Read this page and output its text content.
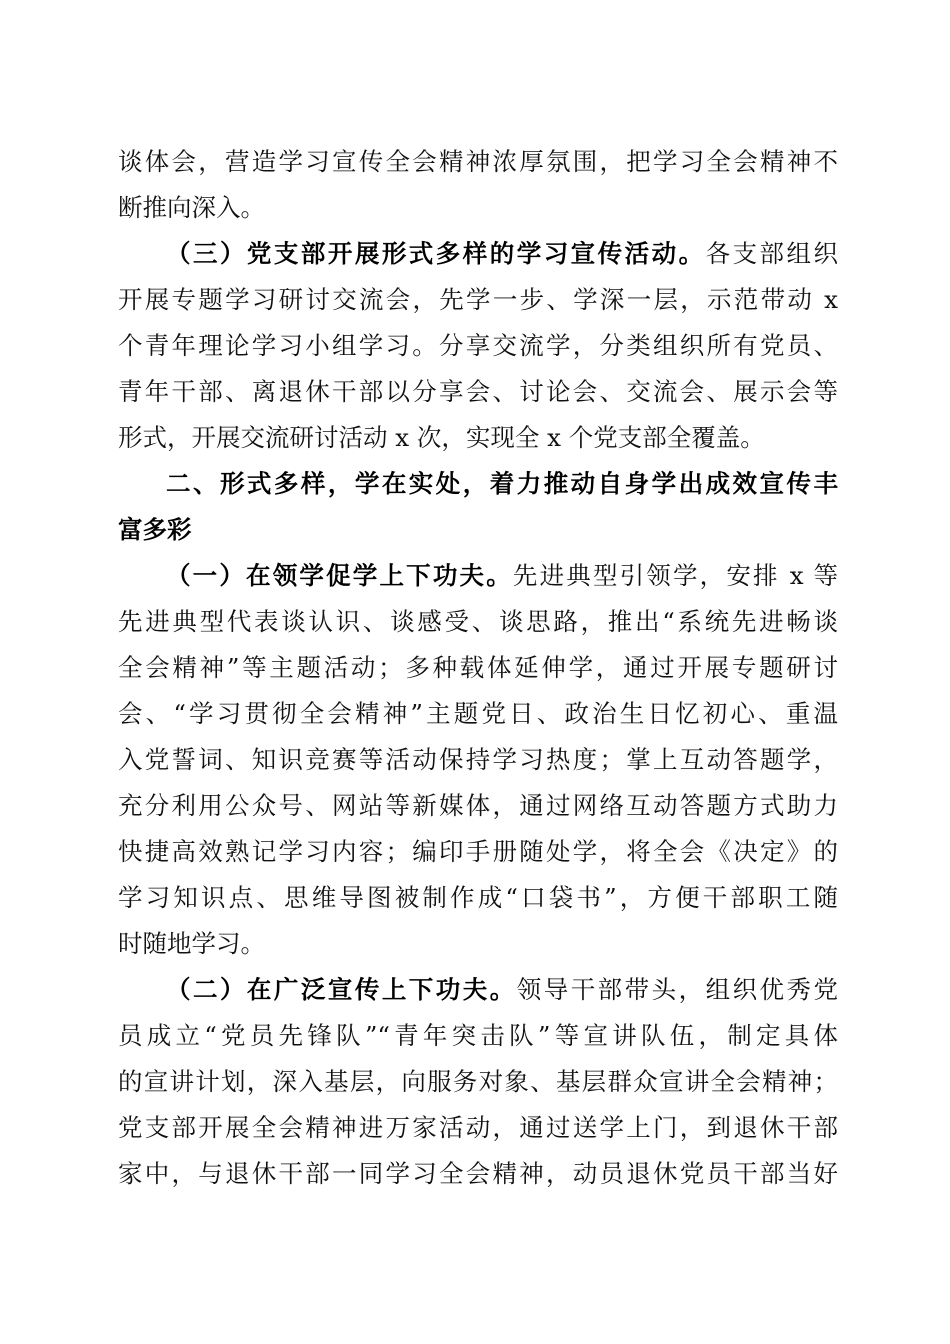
谈体会，营造学习宣传全会精神浓厚氛围，把学习全会精神不
断推向深入。
（三）党支部开展形式多样的学习宣传活动。各支部组织
开展专题学习研讨交流会，先学一步、学深一层，示范带动 x
个青年理论学习小组学习。分享交流学，分类组织所有党员、
青年干部、离退休干部以分享会、讨论会、交流会、展示会等
形式，开展交流研讨活动 x 次，实现全 x 个党支部全覆盖。
二、形式多样，学在实处，着力推动自身学出成效宣传丰
富多彩
（一）在领学促学上下功夫。先进典型引领学，安排 x 等
先进典型代表谈认识、谈感受、谈思路，推出“系统先进畅谈
全会精神”等主题活动；多种载体延伸学，通过开展专题研讨
会、“学习贯彻全会精神”主题党日、政治生日忆初心、重温
入党誓词、知识竞赛等活动保持学习热度；掌上互动答题学，
充分利用公众号、网站等新媒体，通过网络互动答题方式助力
快捷高效熟记学习内容；编印手册随处学，将全会《决定》的
学习知识点、思维导图被制作成“口袋书”，方便干部职工随
时随地学习。
（二）在广泛宣传上下功夫。领导干部带头，组织优秀党
员成立“党员先锋队”“青年突击队”等宣讲队伍，制定具体
的宣讲计划，深入基层，向服务对象、基层群众宣讲全会精神；
党支部开展全会精神进万家活动，通过送学上门，到退休干部
家中，与退休干部一同学习全会精神，动员退休党员干部当好
